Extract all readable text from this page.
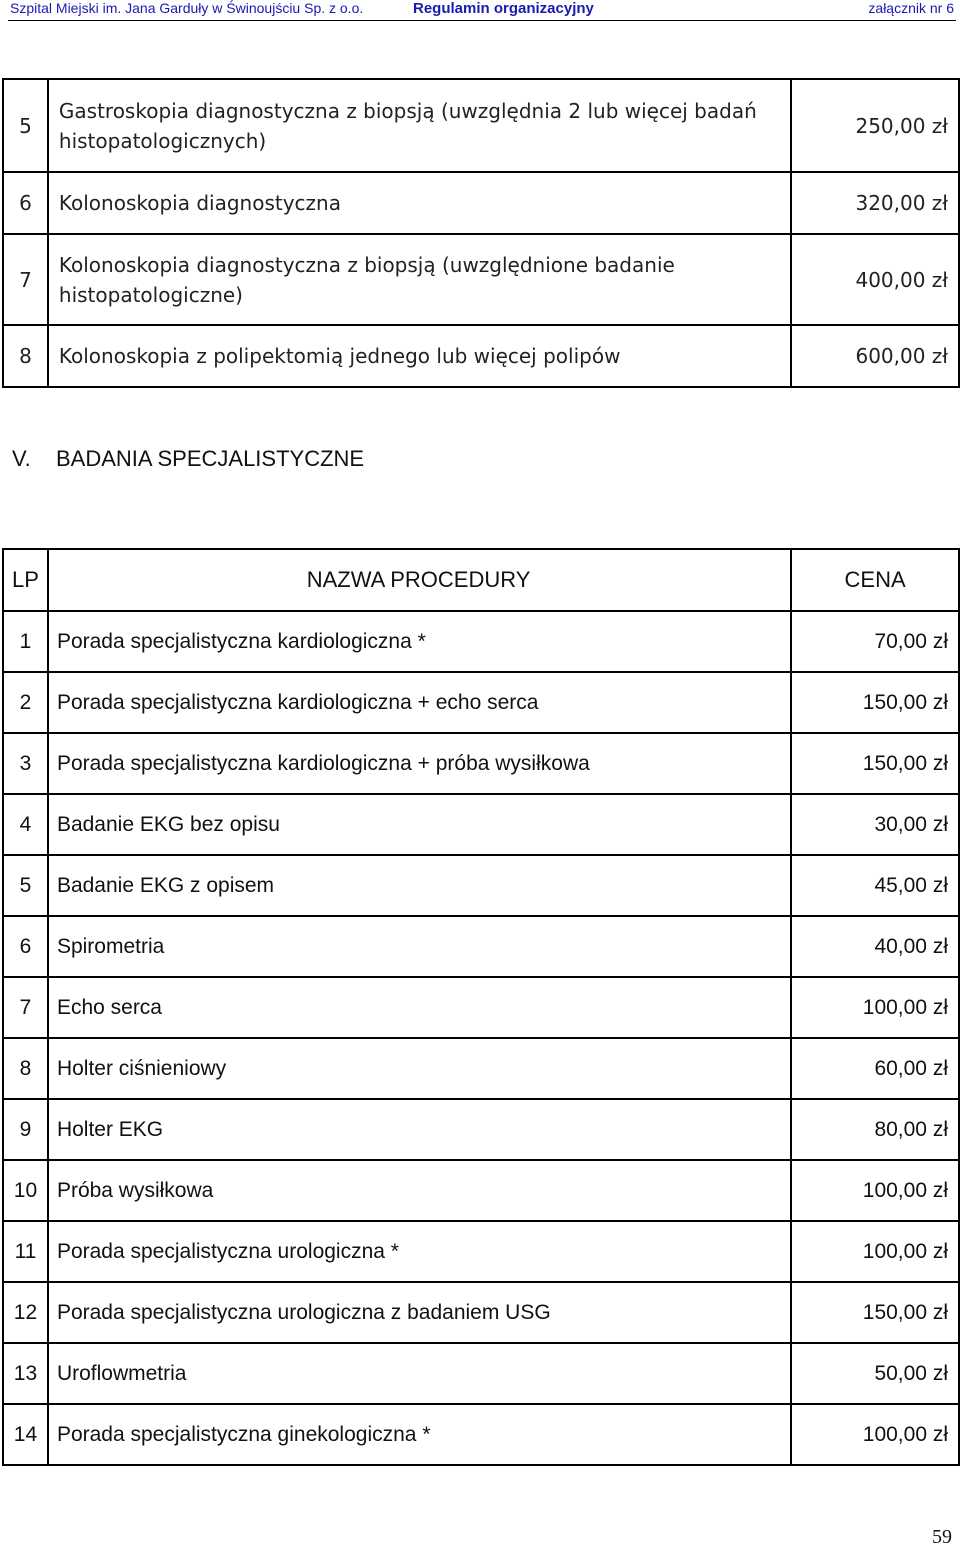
Szpital Miejski im. Jana Garduły w Świnoujściu Sp. z o.o.	Regulamin organizacyjny	załącznik nr 6
5	Gastroskopia diagnostyczna z biopsją (uwzględnia 2 lub więcej badań histopatologicznych)	250,00 zł
6	Kolonoskopia diagnostyczna	320,00 zł
7	Kolonoskopia diagnostyczna z biopsją (uwzględnione badanie histopatologiczne)	400,00 zł
8	Kolonoskopia z polipektomią jednego lub więcej polipów	600,00 zł
V. BADANIA SPECJALISTYCZNE
LP	NAZWA PROCEDURY	CENA
1	Porada specjalistyczna kardiologiczna *	70,00 zł
2	Porada specjalistyczna kardiologiczna + echo serca	150,00 zł
3	Porada specjalistyczna kardiologiczna + próba wysiłkowa	150,00 zł
4	Badanie EKG bez opisu	30,00 zł
5	Badanie EKG z opisem	45,00 zł
6	Spirometria	40,00 zł
7	Echo serca	100,00 zł
8	Holter ciśnieniowy	60,00 zł
9	Holter EKG	80,00 zł
10	Próba wysiłkowa	100,00 zł
11	Porada specjalistyczna urologiczna *	100,00 zł
12	Porada specjalistyczna urologiczna z badaniem USG	150,00 zł
13	Uroflowmetria	50,00 zł
14	Porada specjalistyczna ginekologiczna *	100,00 zł
59
